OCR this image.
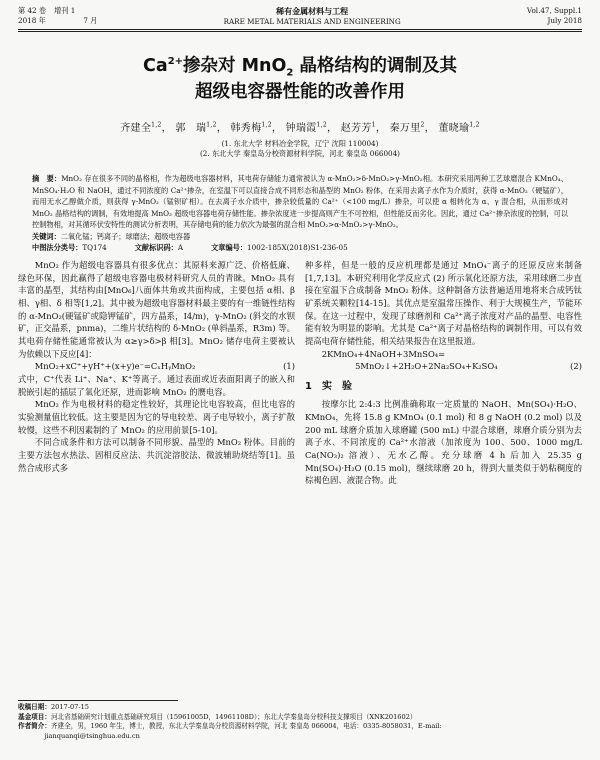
第 42 卷 增刊 1
2018 年	7 月
稀有金属材料与工程
RARE METAL MATERIALS AND ENGINEERING
Vol.47, Suppl.1
July 2018
$Ca^{2+}$掺杂对 MnO$_2$ 晶格结构的调制及其
超级电容器性能的改善作用
齐建全$^{1,2}$， 郭　瑞$^{1,2}$， 韩秀梅$^{1,2}$， 钟瑞霞$^{1,2}$， 赵芳芳$^1$， 秦万里$^2$， 董晓瑜$^{1,2}$
(1. 东北大学 材料冶金学院，辽宁 沈阳 110004)
(2. 东北大学 秦皇岛分校资源材料学院，河北 秦皇岛 066004)
摘　要：MnO₂ 存在很多不同的晶格相，作为超级电容器材料，其电荷存储能力通常被认为 α-MnO₂>δ-MnO₂>γ-MnO₂相。本研究采用两种工艺球磨混合 KMnO₄、MnSO₄·H₂O 和 NaOH，通过不同浓度的 Ca²⁺掺杂，在室温下可以直接合成不同形态和晶型的 MnO₂ 粉体，在采用去离子水作为介质时，获得 α-MnO₂（硬锰矿），而用无水乙醇做介质，则获得 γ-MnO₂（锰钡矿相）。在去离子水介质中，掺杂较低量的 Ca²⁺（<100 mg/L）掺杂，可以使 α 相转化为 α、γ 混合相，从而形成对 MnO₂ 晶格结构的调制，有效地提高 MnO₂ 超级电容器电荷存储性能。掺杂浓度进一步提高则产生不可控相，但性能反而劣化。因此，通过 Ca²⁺掺杂浓度的控制，可以控制物相，对其循环伏安特性的测试分析表明，其存储电荷的能力依次为最强的混合相 MnO₂>α-MnO₂>γ-MnO₂。
关键词：二氧化锰；钙离子；球磨法；超级电容器
中图法分类号：TQ174	文献标识码：A	文章编号：1002-185X(2018)S1-236-05

MnO₂ 作为超级电容器具有很多优点：其原料来源广泛、价格低廉、绿色环保，因此赢得了超级电容器电极材料研究人员的青睐。MnO₂ 具有丰富的晶型，其结构由[MnO₆]八面体共角或共面构成，主要包括 α相、β相、γ相、δ 相等[1,2]。其中被为超级电容器材料最主要的有一维链性结构的 α-MnO₂(硬锰矿或隐钾锰矿，四方晶系，I4/m)，γ-MnO₂ (斜交的水钡矿，正交晶系，pnma)，二维片状结构的 δ-MnO₂ (单斜晶系，R3m) 等。其电荷存储性能通常被认为 α≥γ>δ>β 相[3]。MnO₂ 储存电荷主要被认为依赖以下反应[4]：

MnO₂+xC⁺+yH⁺+(x+y)e⁻=CₓHᵧMnO₂	(1)

式中，C⁺代表 Li⁺、Na⁺、K⁺等离子。通过表面或近表面阳离子的嵌入和脱嵌引起的插层了氧化还原，进而影响 MnO₂ 的赝电容。

MnO₂ 作为电极材料的稳定性较好，其理论比电容较高，但比电容的实验测量值比较低。这主要是因为它的导电较差、离子电导较小，离子扩散较慢，这些不利因素制约了 MnO₂ 的应用前景[5-10]。

不同合成条件和方法可以制备不同形貌、晶型的 MnO₂ 粉体。目前的主要方法包水热法、固相反应法、共沉淀溶胶法、微波辅助烧结等[1]。虽然合成形式多

种多样，但是一般的反应机理都是通过 MnO₄⁻离子的还原反应来制备[1,7,13]。本研究利用化学反应式 (2) 所示氧化还原方法，采用球磨二步直接在室温下合成制备 MnO₂ 粉体。这种制备方法普遍适用地将来合成钙钛矿系统关颗粒[14-15]。其优点是室温常压操作、利于大规模生产，节能环保。在这一过程中，发现了球磨剂和 Ca²⁺离子浓度对产品的晶型、电容性能有较为明显的影响。尤其是 Ca²⁺离子对晶格结构的调制作用，可以有效提高电荷存储性能，相关结果报告在这里报道。

2KMnO₄+4NaOH+3MnSO₄=
5MnO₂↓+2H₂O+2Na₂SO₄+K₂SO₄	(2)
1　实　验

按摩尔比 2:4:3 比例准确称取一定质量的 NaOH、Mn(SO₄)·H₂O、KMnO₄，先将 15.8 g KMnO₄ (0.1 mol) 和 8 g NaOH (0.2 mol) 以及 200 mL 球磨介质加入球磨罐 (500 mL) 中混合球磨，球磨介质分别为去离子水、不同浓度的 Ca²⁺水溶液（加浓度为 100、500、1000 mg/L Ca(NO₃)₂ 溶液）、无水乙醇。充分球磨 4 h 后加入 25.35 g Mn(SO₄)·H₂O (0.15 mol)，继续球磨 20 h，得到大量类似于奶粘稠度的棕褐色固、液混合物。此

收稿日期：2017-07-15
基金项目：河北省基础研究计划重点基础研究项目（15961005D，14961108D）；东北大学秦皇岛分校科技支撑项目（XNK201602）
作者简介：齐建全，男，1960 年生，博士，教授，东北大学秦皇岛分校资源材料学院，河北 秦皇岛 066004，电话：0335-8058031，E-mail:
jianquanqi@tsinghua.edu.cn
